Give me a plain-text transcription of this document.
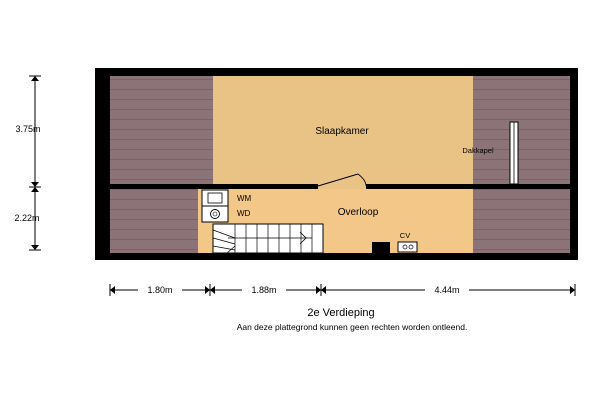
Slaapkamer
Dakkapel
Overloop
WM
WD
CV
3.75m
2.22m
1.80m	1.88m	4.44m
2e Verdieping
Aan deze plattegrond kunnen geen rechten worden ontleend.
